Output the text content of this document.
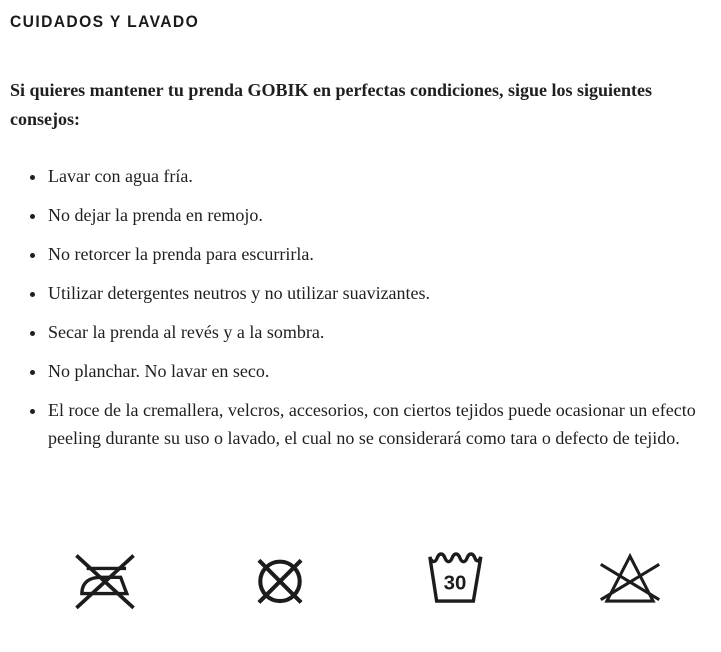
CUIDADOS Y LAVADO

Si quieres mantener tu prenda GOBIK en perfectas condiciones, sigue los siguientes consejos:

• Lavar con agua fría.
• No dejar la prenda en remojo.
• No retorcer la prenda para escurrirla.
• Utilizar detergentes neutros y no utilizar suavizantes.
• Secar la prenda al revés y a la sombra.
• No planchar. No lavar en seco.
• El roce de la cremallera, velcros, accesorios, con ciertos tejidos puede ocasionar un efecto peeling durante su uso o lavado, el cual no se considerará como tara o defecto de tejido.
30
